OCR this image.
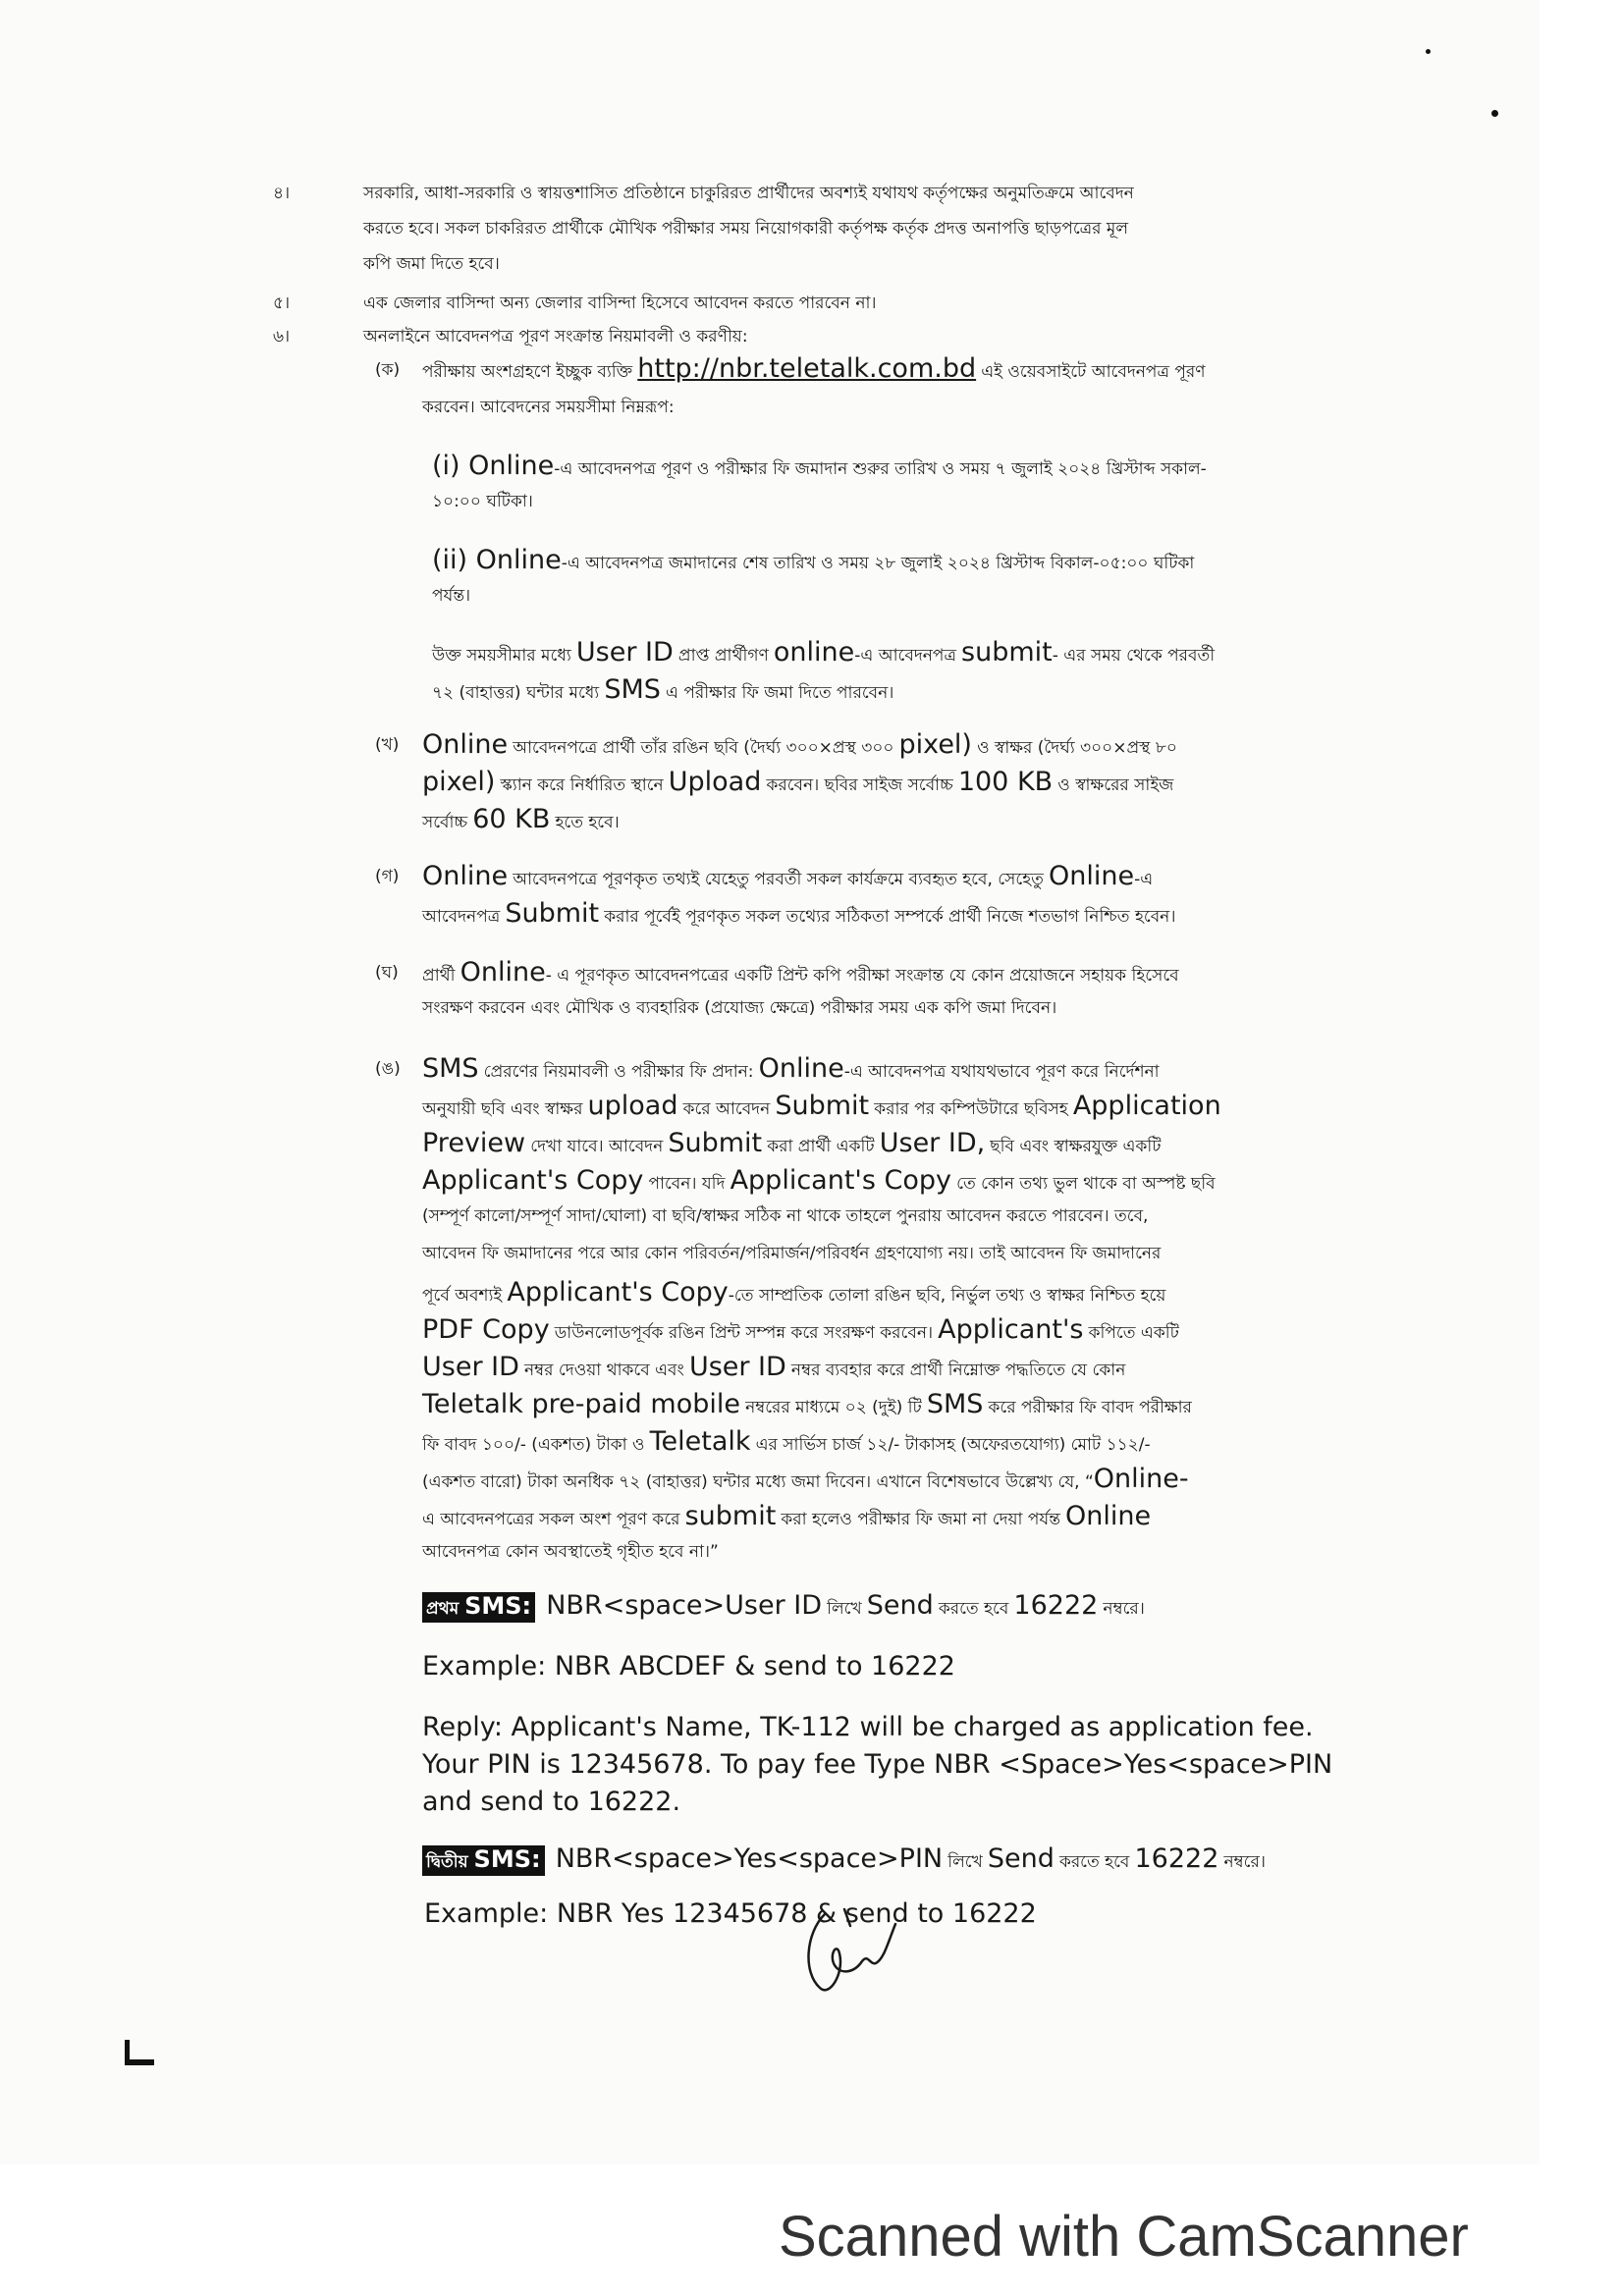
৪।	সরকারি, আধা-সরকারি ও স্বায়ত্তশাসিত প্রতিষ্ঠানে চাকুরিরত প্রার্থীদের অবশ্যই যথাযথ কর্তৃপক্ষের অনুমতিক্রমে আবেদন
করতে হবে। সকল চাকরিরত প্রার্থীকে মৌখিক পরীক্ষার সময় নিয়োগকারী কর্তৃপক্ষ কর্তৃক প্রদত্ত অনাপত্তি ছাড়পত্রের মূল
কপি জমা দিতে হবে।
৫।	এক জেলার বাসিন্দা অন্য জেলার বাসিন্দা হিসেবে আবেদন করতে পারবেন না।
৬।	অনলাইনে আবেদনপত্র পূরণ সংক্রান্ত নিয়মাবলী ও করণীয়:
(ক) পরীক্ষায় অংশগ্রহণে ইচ্ছুক ব্যক্তি http://nbr.teletalk.com.bd এই ওয়েবসাইটে আবেদনপত্র পূরণ
করবেন। আবেদনের সময়সীমা নিম্নরূপ:
(i) Online-এ আবেদনপত্র পূরণ ও পরীক্ষার ফি জমাদান শুরুর তারিখ ও সময় ৭ জুলাই ২০২৪ খ্রিস্টাব্দ সকাল-
১০:০০ ঘটিকা।
(ii) Online-এ আবেদনপত্র জমাদানের শেষ তারিখ ও সময় ২৮ জুলাই ২০২৪ খ্রিস্টাব্দ বিকাল-০৫:০০ ঘটিকা
পর্যন্ত।
উক্ত সময়সীমার মধ্যে User ID প্রাপ্ত প্রার্থীগণ online-এ আবেদনপত্র submit- এর সময় থেকে পরবর্তী
৭২ (বাহাত্তর) ঘন্টার মধ্যে SMS এ পরীক্ষার ফি জমা দিতে পারবেন।
(খ) Online আবেদনপত্রে প্রার্থী তাঁর রঙিন ছবি (দৈর্ঘ্য ৩০০×প্রস্থ ৩০০ pixel) ও স্বাক্ষর (দৈর্ঘ্য ৩০০×প্রস্থ ৮০
pixel) স্ক্যান করে নির্ধারিত স্থানে Upload করবেন। ছবির সাইজ সর্বোচ্চ 100 KB ও স্বাক্ষরের সাইজ
সর্বোচ্চ 60 KB হতে হবে।
(গ) Online আবেদনপত্রে পূরণকৃত তথ্যই যেহেতু পরবর্তী সকল কার্যক্রমে ব্যবহৃত হবে, সেহেতু Online-এ
আবেদনপত্র Submit করার পূর্বেই পূরণকৃত সকল তথ্যের সঠিকতা সম্পর্কে প্রার্থী নিজে শতভাগ নিশ্চিত হবেন।
(ঘ) প্রার্থী Online- এ পূরণকৃত আবেদনপত্রের একটি প্রিন্ট কপি পরীক্ষা সংক্রান্ত যে কোন প্রয়োজনে সহায়ক হিসেবে
সংরক্ষণ করবেন এবং মৌখিক ও ব্যবহারিক (প্রযোজ্য ক্ষেত্রে) পরীক্ষার সময় এক কপি জমা দিবেন।
(ঙ) SMS প্রেরণের নিয়মাবলী ও পরীক্ষার ফি প্রদান: Online-এ আবেদনপত্র যথাযথভাবে পূরণ করে নির্দেশনা
অনুযায়ী ছবি এবং স্বাক্ষর upload করে আবেদন Submit করার পর কম্পিউটারে ছবিসহ Application
Preview দেখা যাবে। আবেদন Submit করা প্রার্থী একটি User ID, ছবি এবং স্বাক্ষরযুক্ত একটি
Applicant's Copy পাবেন। যদি Applicant's Copy তে কোন তথ্য ভুল থাকে বা অস্পষ্ট ছবি
(সম্পূর্ণ কালো/সম্পূর্ণ সাদা/ঘোলা) বা ছবি/স্বাক্ষর সঠিক না থাকে তাহলে পুনরায় আবেদন করতে পারবেন। তবে,
আবেদন ফি জমাদানের পরে আর কোন পরিবর্তন/পরিমার্জন/পরিবর্ধন গ্রহণযোগ্য নয়। তাই আবেদন ফি জমাদানের
পূর্বে অবশ্যই Applicant's Copy-তে সাম্প্রতিক তোলা রঙিন ছবি, নির্ভুল তথ্য ও স্বাক্ষর নিশ্চিত হয়ে
PDF Copy ডাউনলোডপূর্বক রঙিন প্রিন্ট সম্পন্ন করে সংরক্ষণ করবেন। Applicant's কপিতে একটি
User ID নম্বর দেওয়া থাকবে এবং User ID নম্বর ব্যবহার করে প্রার্থী নিম্নোক্ত পদ্ধতিতে যে কোন
Teletalk pre-paid mobile নম্বরের মাধ্যমে ০২ (দুই) টি SMS করে পরীক্ষার ফি বাবদ পরীক্ষার
ফি বাবদ ১০০/- (একশত) টাকা ও Teletalk এর সার্ভিস চার্জ ১২/- টাকাসহ (অফেরতযোগ্য) মোট ১১২/-
(একশত বারো) টাকা অনধিক ৭২ (বাহাত্তর) ঘন্টার মধ্যে জমা দিবেন। এখানে বিশেষভাবে উল্লেখ্য যে, “Online-
এ আবেদনপত্রের সকল অংশ পূরণ করে submit করা হলেও পরীক্ষার ফি জমা না দেয়া পর্যন্ত Online
আবেদনপত্র কোন অবস্থাতেই গৃহীত হবে না।”
প্রথম SMS: NBR<space>User ID লিখে Send করতে হবে 16222 নম্বরে।
Example: NBR ABCDEF & send to 16222
Reply: Applicant's Name, TK-112 will be charged as application fee.
Your PIN is 12345678. To pay fee Type NBR <Space>Yes<space>PIN
and send to 16222.
দ্বিতীয় SMS: NBR<space>Yes<space>PIN লিখে Send করতে হবে 16222 নম্বরে।
Example: NBR Yes 12345678 & send to 16222
Scanned with CamScanner
